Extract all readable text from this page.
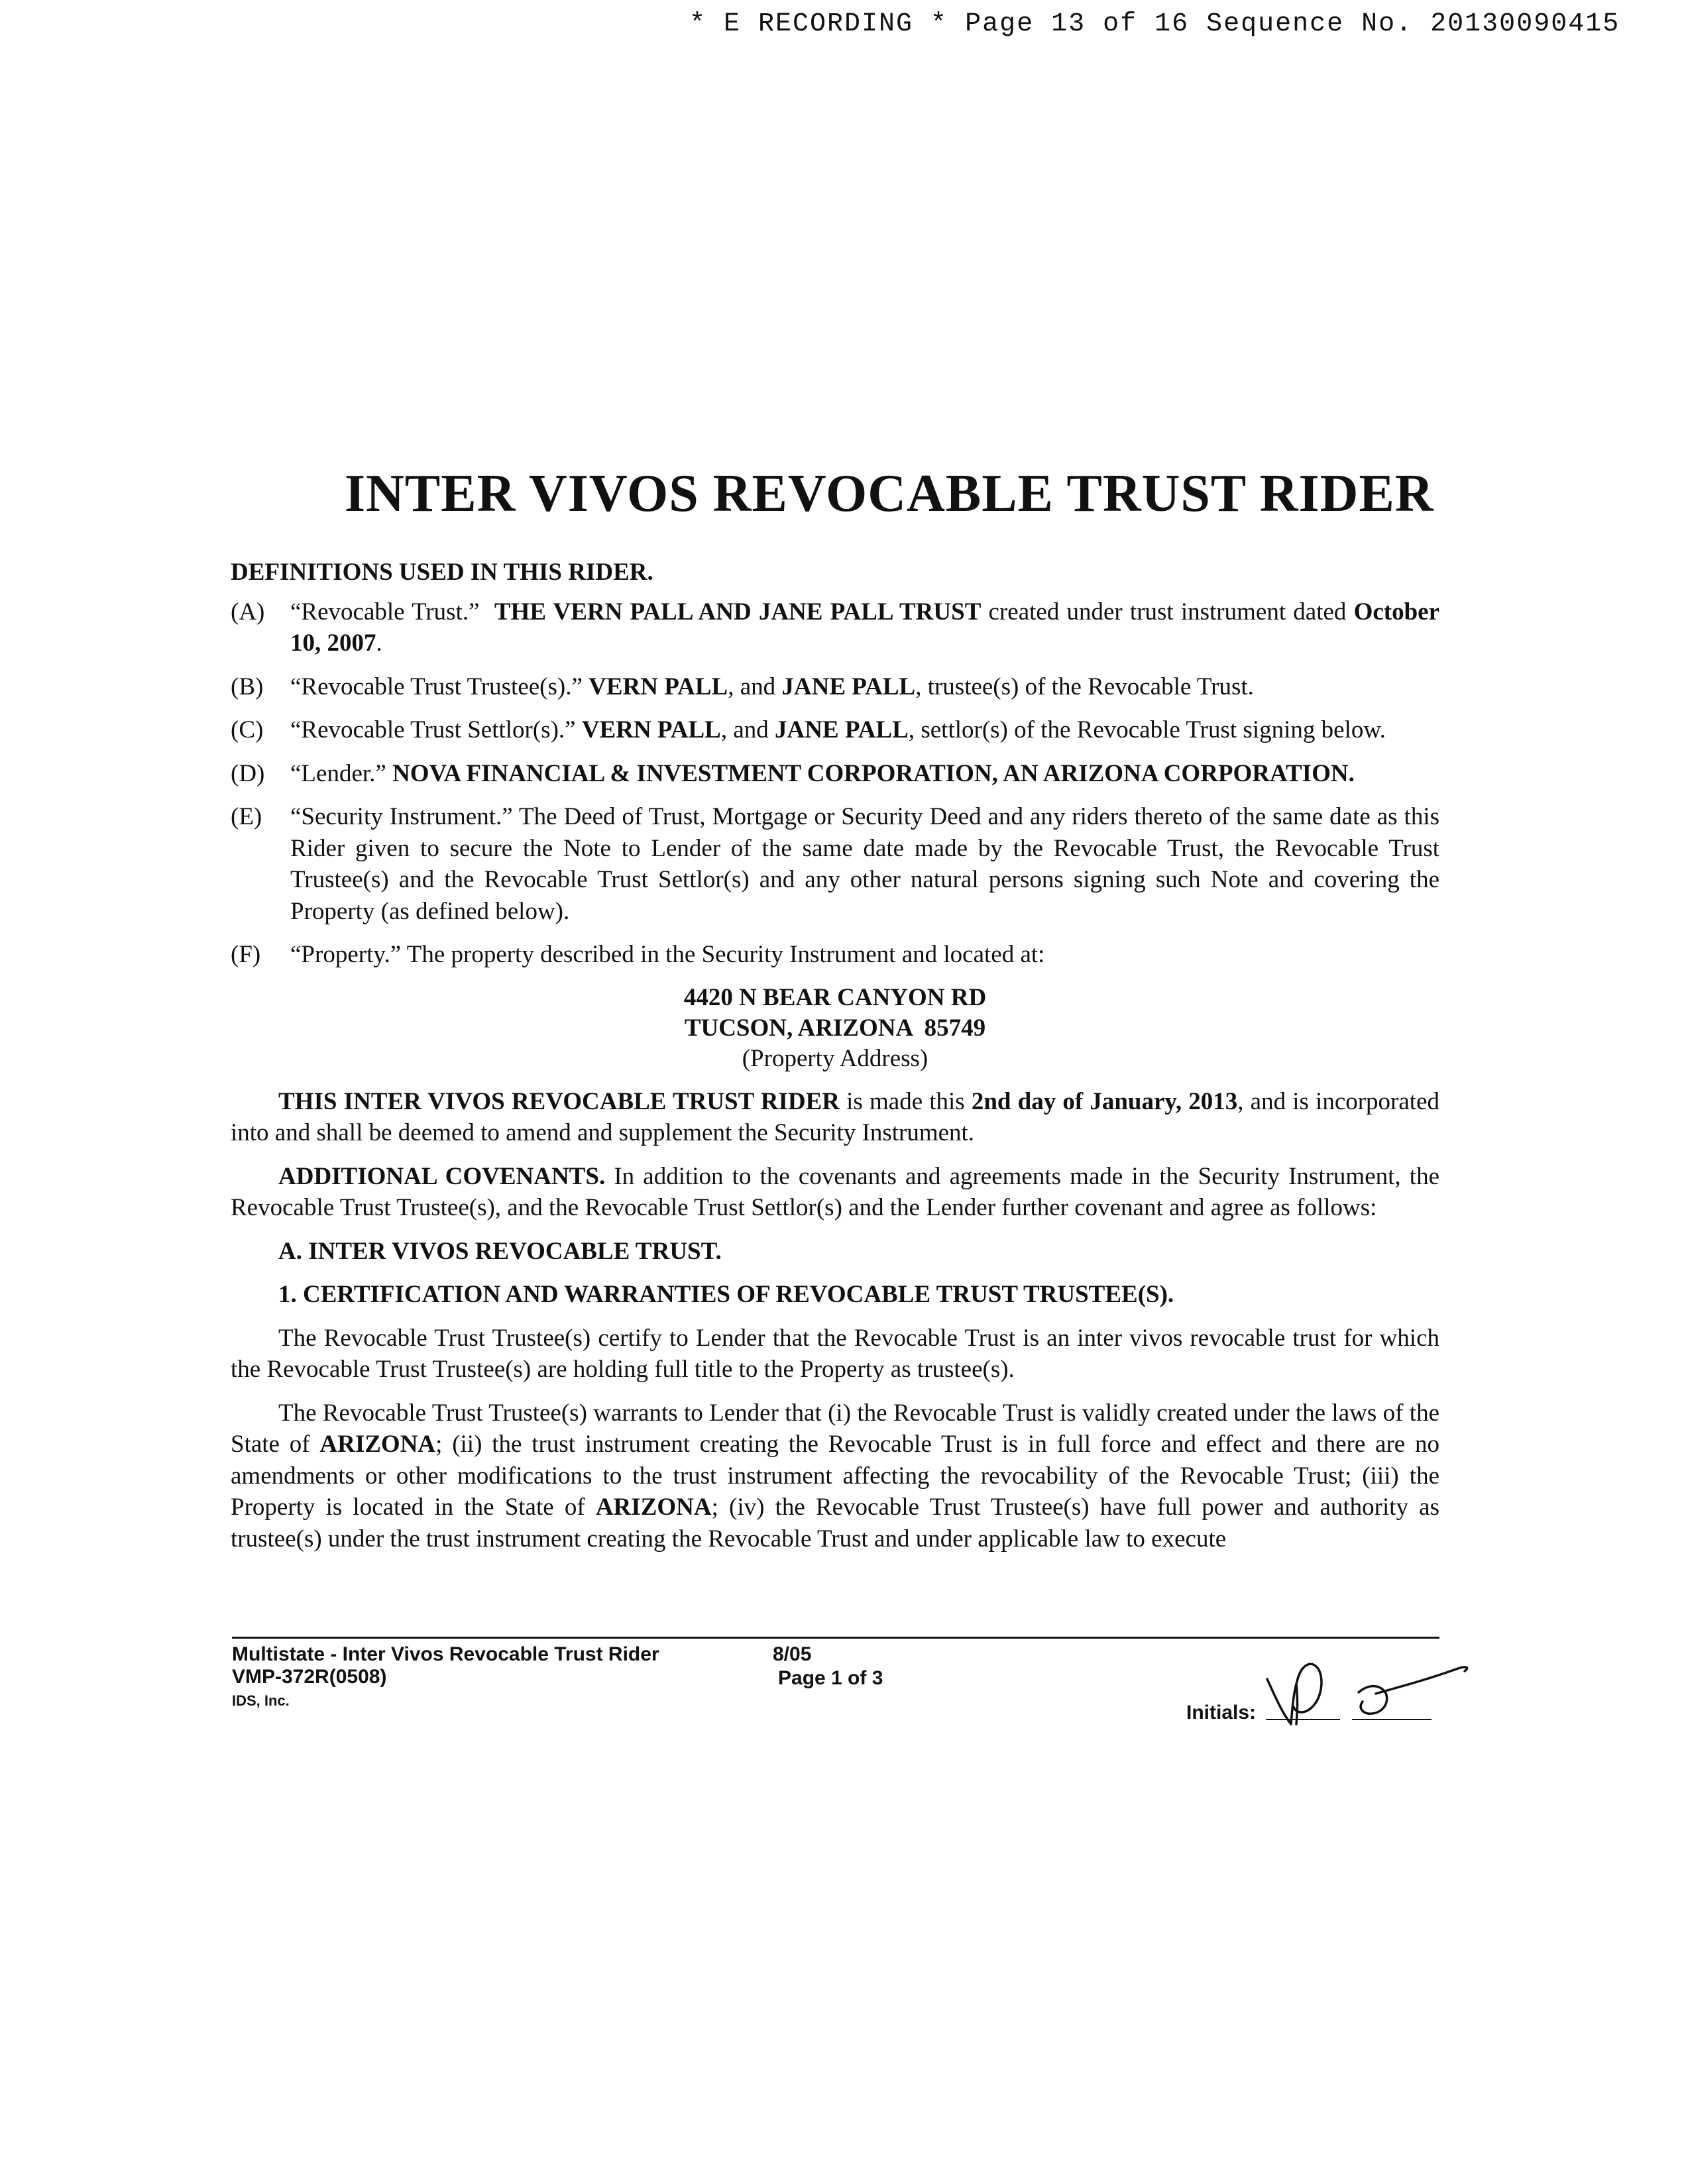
* E RECORDING * Page 13 of 16 Sequence No. 20130090415
INTER VIVOS REVOCABLE TRUST RIDER
DEFINITIONS USED IN THIS RIDER.
(A)	“Revocable Trust.” THE VERN PALL AND JANE PALL TRUST created under trust instrument dated October 10, 2007.
(B)	“Revocable Trust Trustee(s).” VERN PALL, and JANE PALL, trustee(s) of the Revocable Trust.
(C)	“Revocable Trust Settlor(s).” VERN PALL, and JANE PALL, settlor(s) of the Revocable Trust signing below.
(D)	“Lender.” NOVA FINANCIAL & INVESTMENT CORPORATION, AN ARIZONA CORPORATION.
(E)	“Security Instrument.” The Deed of Trust, Mortgage or Security Deed and any riders thereto of the same date as this Rider given to secure the Note to Lender of the same date made by the Revocable Trust, the Revocable Trust Trustee(s) and the Revocable Trust Settlor(s) and any other natural persons signing such Note and covering the Property (as defined below).
(F)	“Property.” The property described in the Security Instrument and located at:
4420 N BEAR CANYON RD
TUCSON, ARIZONA  85749
(Property Address)
THIS INTER VIVOS REVOCABLE TRUST RIDER is made this 2nd day of January, 2013, and is incorporated into and shall be deemed to amend and supplement the Security Instrument.
ADDITIONAL COVENANTS. In addition to the covenants and agreements made in the Security Instrument, the Revocable Trust Trustee(s), and the Revocable Trust Settlor(s) and the Lender further covenant and agree as follows:
A. INTER VIVOS REVOCABLE TRUST.
1. CERTIFICATION AND WARRANTIES OF REVOCABLE TRUST TRUSTEE(S).
The Revocable Trust Trustee(s) certify to Lender that the Revocable Trust is an inter vivos revocable trust for which the Revocable Trust Trustee(s) are holding full title to the Property as trustee(s).
The Revocable Trust Trustee(s) warrants to Lender that (i) the Revocable Trust is validly created under the laws of the State of ARIZONA; (ii) the trust instrument creating the Revocable Trust is in full force and effect and there are no amendments or other modifications to the trust instrument affecting the revocability of the Revocable Trust; (iii) the Property is located in the State of ARIZONA; (iv) the Revocable Trust Trustee(s) have full power and authority as trustee(s) under the trust instrument creating the Revocable Trust and under applicable law to execute
Multistate - Inter Vivos Revocable Trust Rider
VMP-372R(0508)
IDS, Inc.
8/05
Page 1 of 3
Initials:
